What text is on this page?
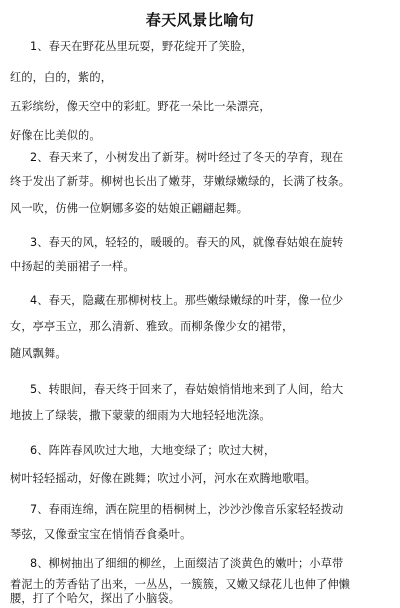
春天风景比喻句
1、春天在野花丛里玩耍，野花绽开了笑脸，
红的，白的，紫的，
五彩缤纷，像天空中的彩虹。野花一朵比一朵漂亮，
好像在比美似的。
2、春天来了，小树发出了新芽。树叶经过了冬天的孕育，现在
终于发出了新芽。柳树也长出了嫩芽，芽嫩绿嫩绿的，长满了枝条。
风一吹，仿佛一位婀娜多姿的姑娘正翩翩起舞。
3、春天的风，轻轻的，暖暖的。春天的风，就像春姑娘在旋转
中扬起的美丽裙子一样。
4、春天，隐藏在那柳树枝上。那些嫩绿嫩绿的叶芽，像一位少
女，亭亭玉立，那么清新、雅致。而柳条像少女的裙带，
随风飘舞。
5、转眼间，春天终于回来了，春姑娘悄悄地来到了人间，给大
地披上了绿装，撒下蒙蒙的细雨为大地轻轻地洗涤。
6、阵阵春风吹过大地，大地变绿了；吹过大树，
树叶轻轻摇动，好像在跳舞；吹过小河，河水在欢腾地歌唱。
7、春雨连绵，洒在院里的梧桐树上，沙沙沙像音乐家轻轻拨动
琴弦，又像蚕宝宝在悄悄吞食桑叶。
8、柳树抽出了细细的柳丝，上面缀洁了淡黄色的嫩叶；小草带
着泥土的芳香钻了出来，一丛丛，一簇簇，又嫩又绿花儿也伸了伸懒
腰，打了个哈欠，探出了小脑袋。
